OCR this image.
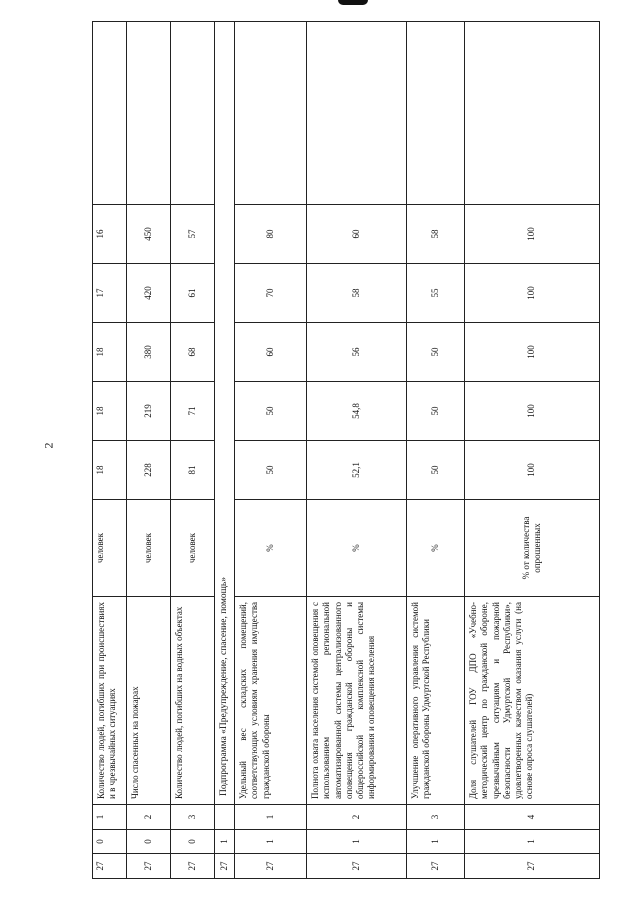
2
27	0	1	Количество людей, погибших при происшествиях и в чрезвычайных ситуациях	человек	18	18	18	17	16	
27	0	2	Число спасенных на пожарах	человек	228	219	380	420	450	
27	0	3	Количество людей, погибших на водных объектах	человек	81	71	68	61	57	
27	1		Подпрограмма «Предупреждение, спасение, помощь»							
27	1	1	Удельный вес складских помещений, соответствующих условиям хранения имущества гражданской обороны	%	50	50	60	70	80	
27	1	2	Полнота охвата населения системой оповещения с использованием региональной автоматизированной системы централизованного оповещения гражданской обороны и общероссийской комплексной системы информирования и оповещения населения	%	52,1	54,8	56	58	60	
27	1	3	Улучшение оперативного управления системой гражданской обороны Удмуртской Республики	%	50	50	50	55	58	
27	1	4	Доля слушателей ГОУ ДПО «Учебно-методический центр по гражданской обороне, чрезвычайным ситуациям и пожарной безопасности Удмуртской Республики», удовлетворенных качеством оказания услуги (на основе опроса слушателей)	% от количества опрошенных	100	100	100	100	100	
